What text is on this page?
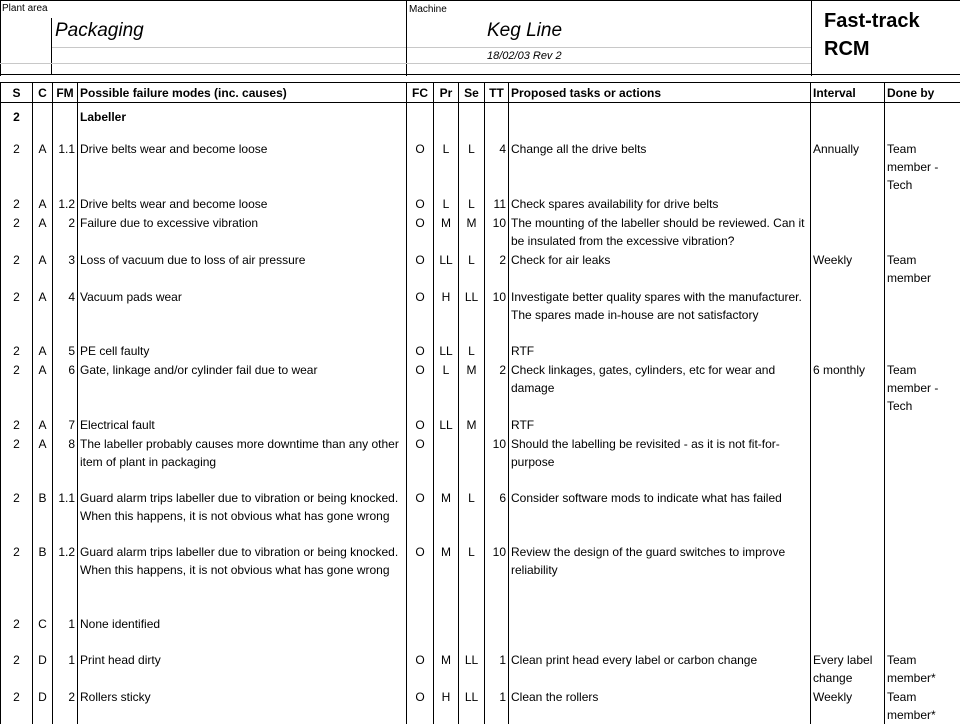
Plant area
Packaging
Machine
Keg Line
18/02/03 Rev 2
Fast-track
RCM
S	C	FM	Possible failure modes (inc. causes)	FC	Pr	Se	TT	Proposed tasks or actions	Interval	Done by
2			Labeller							
2	A	1.1	Drive belts wear and become loose	O	L	L	4	Change all the drive belts	Annually	Team member - Tech
2	A	1.2	Drive belts wear and become loose	O	L	L	11	Check spares availability for drive belts		
2	A	2	Failure due to excessive vibration	O	M	M	10	The mounting of the labeller should be reviewed. Can it be insulated from the excessive vibration?		
2	A	3	Loss of vacuum due to loss of air pressure	O	LL	L	2	Check for air leaks	Weekly	Team member
2	A	4	Vacuum pads wear	O	H	LL	10	Investigate better quality spares with the manufacturer. The spares made in-house are not satisfactory		
2	A	5	PE cell faulty	O	LL	L		RTF		
2	A	6	Gate, linkage and/or cylinder fail due to wear	O	L	M	2	Check linkages, gates, cylinders, etc for wear and damage	6 monthly	Team member - Tech
2	A	7	Electrical fault	O	LL	M		RTF		
2	A	8	The labeller probably causes more downtime than any other item of plant in packaging	O			10	Should the labelling be revisited - as it is not fit-for-purpose		
2	B	1.1	Guard alarm trips labeller due to vibration or being knocked. When this happens, it is not obvious what has gone wrong	O	M	L	6	Consider software mods to indicate what has failed		
2	B	1.2	Guard alarm trips labeller due to vibration or being knocked. When this happens, it is not obvious what has gone wrong	O	M	L	10	Review the design of the guard switches to improve reliability		
2	C	1	None identified							
2	D	1	Print head dirty	O	M	LL	1	Clean print head every label or carbon change	Every label change	Team member*
2	D	2	Rollers sticky	O	H	LL	1	Clean the rollers	Weekly	Team member*
